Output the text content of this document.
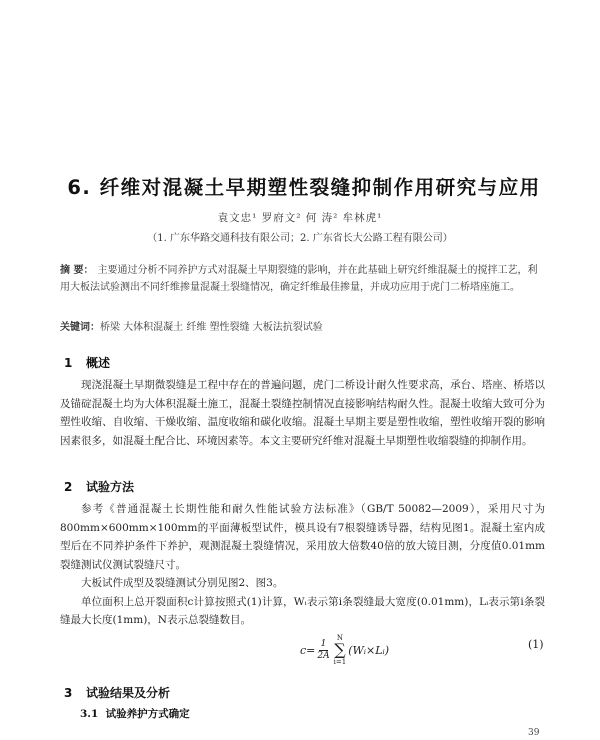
6. 纤维对混凝土早期塑性裂缝抑制作用研究与应用
袁文忠¹ 罗府文² 何 涛² 牟林虎¹
（1. 广东华路交通科技有限公司；2. 广东省长大公路工程有限公司）
摘 要： 主要通过分析不同养护方式对混凝土早期裂缝的影响，并在此基础上研究纤维混凝土的搅拌工艺，利用大板法试验测出不同纤维掺量混凝土裂缝情况，确定纤维最佳掺量，并成功应用于虎门二桥塔座施工。
关键词：桥梁 大体积混凝土 纤维 塑性裂缝 大板法抗裂试验
1 概述

现浇混凝土早期微裂缝是工程中存在的普遍问题，虎门二桥设计耐久性要求高，承台、塔座、桥塔以及锚碇混凝土均为大体积混凝土施工，混凝土裂缝控制情况直接影响结构耐久性。混凝土收缩大致可分为塑性收缩、自收缩、干燥收缩、温度收缩和碳化收缩。混凝土早期主要是塑性收缩，塑性收缩开裂的影响因素很多，如混凝土配合比、环境因素等。本文主要研究纤维对混凝土早期塑性收缩裂缝的抑制作用。

2 试验方法

参考《普通混凝土长期性能和耐久性能试验方法标准》（GB/T 50082—2009），采用尺寸为800mm×600mm×100mm的平面薄板型试件，模具设有7根裂缝诱导器，结构见图1。混凝土室内成型后在不同养护条件下养护，观测混凝土裂缝情况，采用放大倍数40倍的放大镜目测，分度值0.01mm裂缝测试仪测试裂缝尺寸。

大板试件成型及裂缝测试分别见图2、图3。

单位面积上总开裂面积c计算按照式(1)计算，Wᵢ表示第i条裂缝最大宽度(0.01mm)，Lᵢ表示第i条裂缝最大长度(1mm)，N表示总裂缝数目。

$c= \frac{1}{2A}$
N
∑
i=1
(Wᵢ×Lᵢ)	(1)
3 试验结果及分析
3.1 试验养护方式确定
39
